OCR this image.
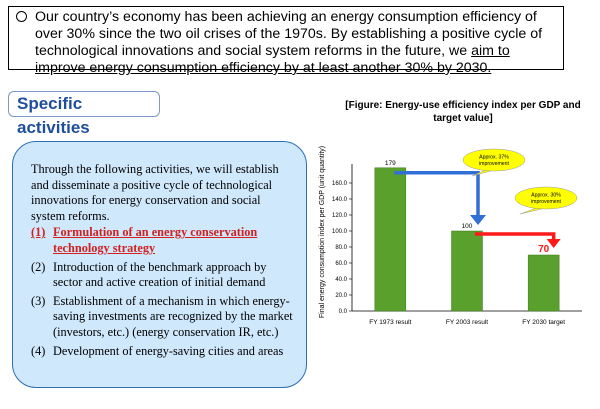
Our country’s economy has been achieving an energy consumption efficiency of over 30% since the two oil crises of the 1970s. By establishing a positive cycle of technological innovations and social system reforms in the future, we aim to improve energy consumption efficiency by at least another 30% by 2030.
Specific activities

Through the following activities, we will establish and disseminate a positive cycle of technological innovations for energy conservation and social system reforms.

(1) Formulation of an energy conservation technology strategy
(2) Introduction of the benchmark approach by sector and active creation of initial demand
(3) Establishment of a mechanism in which energy-saving investments are recognized by the market (investors, etc.) (energy conservation IR, etc.)
(4) Development of energy-saving cities and areas
[Figure: Energy-use efficiency index per GDP and target value]
Final energy consumption index per GDP (unit quantity) 0.0
20.0
40.0
60.0
80.0
100.0
120.0
140.0
160.0
179
FY 1973 result
100
FY 2003 result
70
FY 2030 target
Approx. 37%
improvement
Approx. 30%
improvement
